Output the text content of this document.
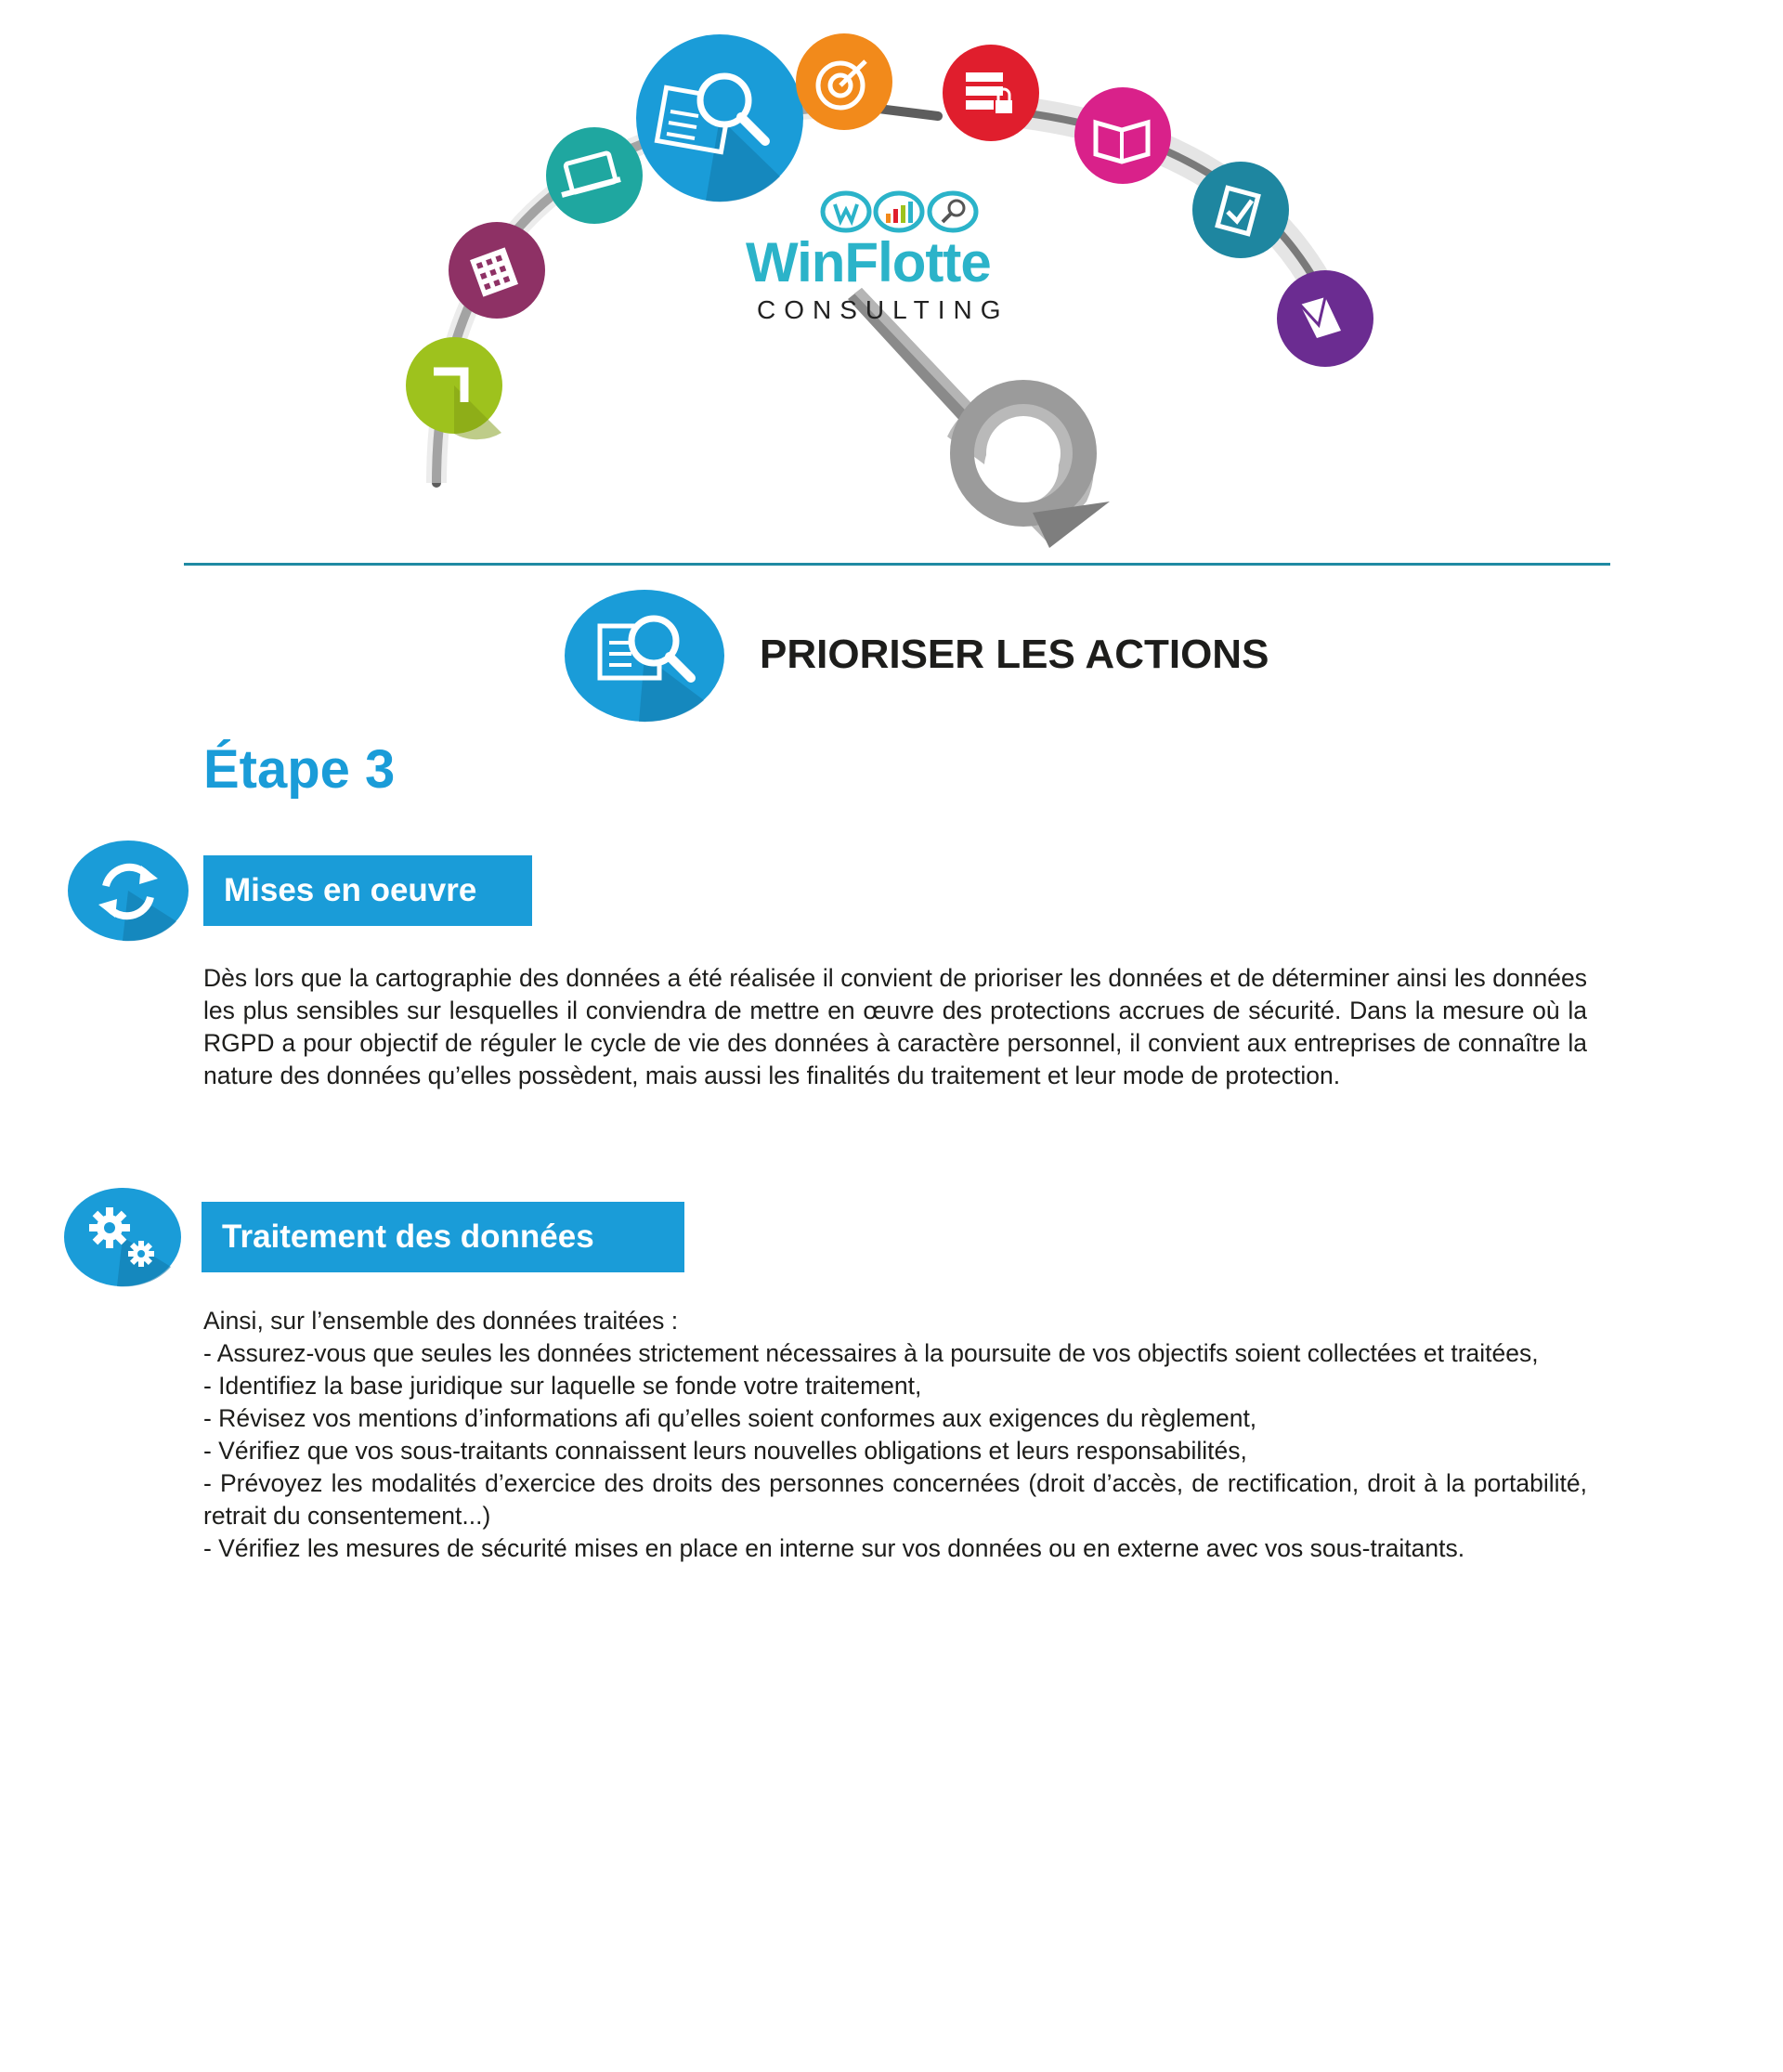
WinFlotte
CONSULTING
PRIORISER LES ACTIONS
Étape 3
Mises en oeuvre

Dès lors que la cartographie des données a été réalisée il convient de prioriser les données et de déterminer ainsi les données les plus sensibles sur lesquelles il conviendra de mettre en œuvre des protections accrues de sécurité. Dans la mesure où la RGPD a pour objectif de réguler le cycle de vie des données à caractère personnel, il convient aux entreprises de connaître la nature des données qu’elles possèdent, mais aussi les finalités du traitement et leur mode de protection.

Traitement des données

Ainsi, sur l’ensemble des données traitées :

- Assurez-vous que seules les données strictement nécessaires à la poursuite de vos objectifs soient collectées et traitées,

- Identifiez la base juridique sur laquelle se fonde votre traitement,

- Révisez vos mentions d’informations afi qu’elles soient conformes aux exigences du règlement,

- Vérifiez que vos sous-traitants connaissent leurs nouvelles obligations et leurs responsabilités,

- Prévoyez les modalités d’exercice des droits des personnes concernées (droit d’accès, de rectification, droit à la portabilité, retrait du consentement...)

- Vérifiez les mesures de sécurité mises en place en interne sur vos données ou en externe avec vos sous-traitants.
